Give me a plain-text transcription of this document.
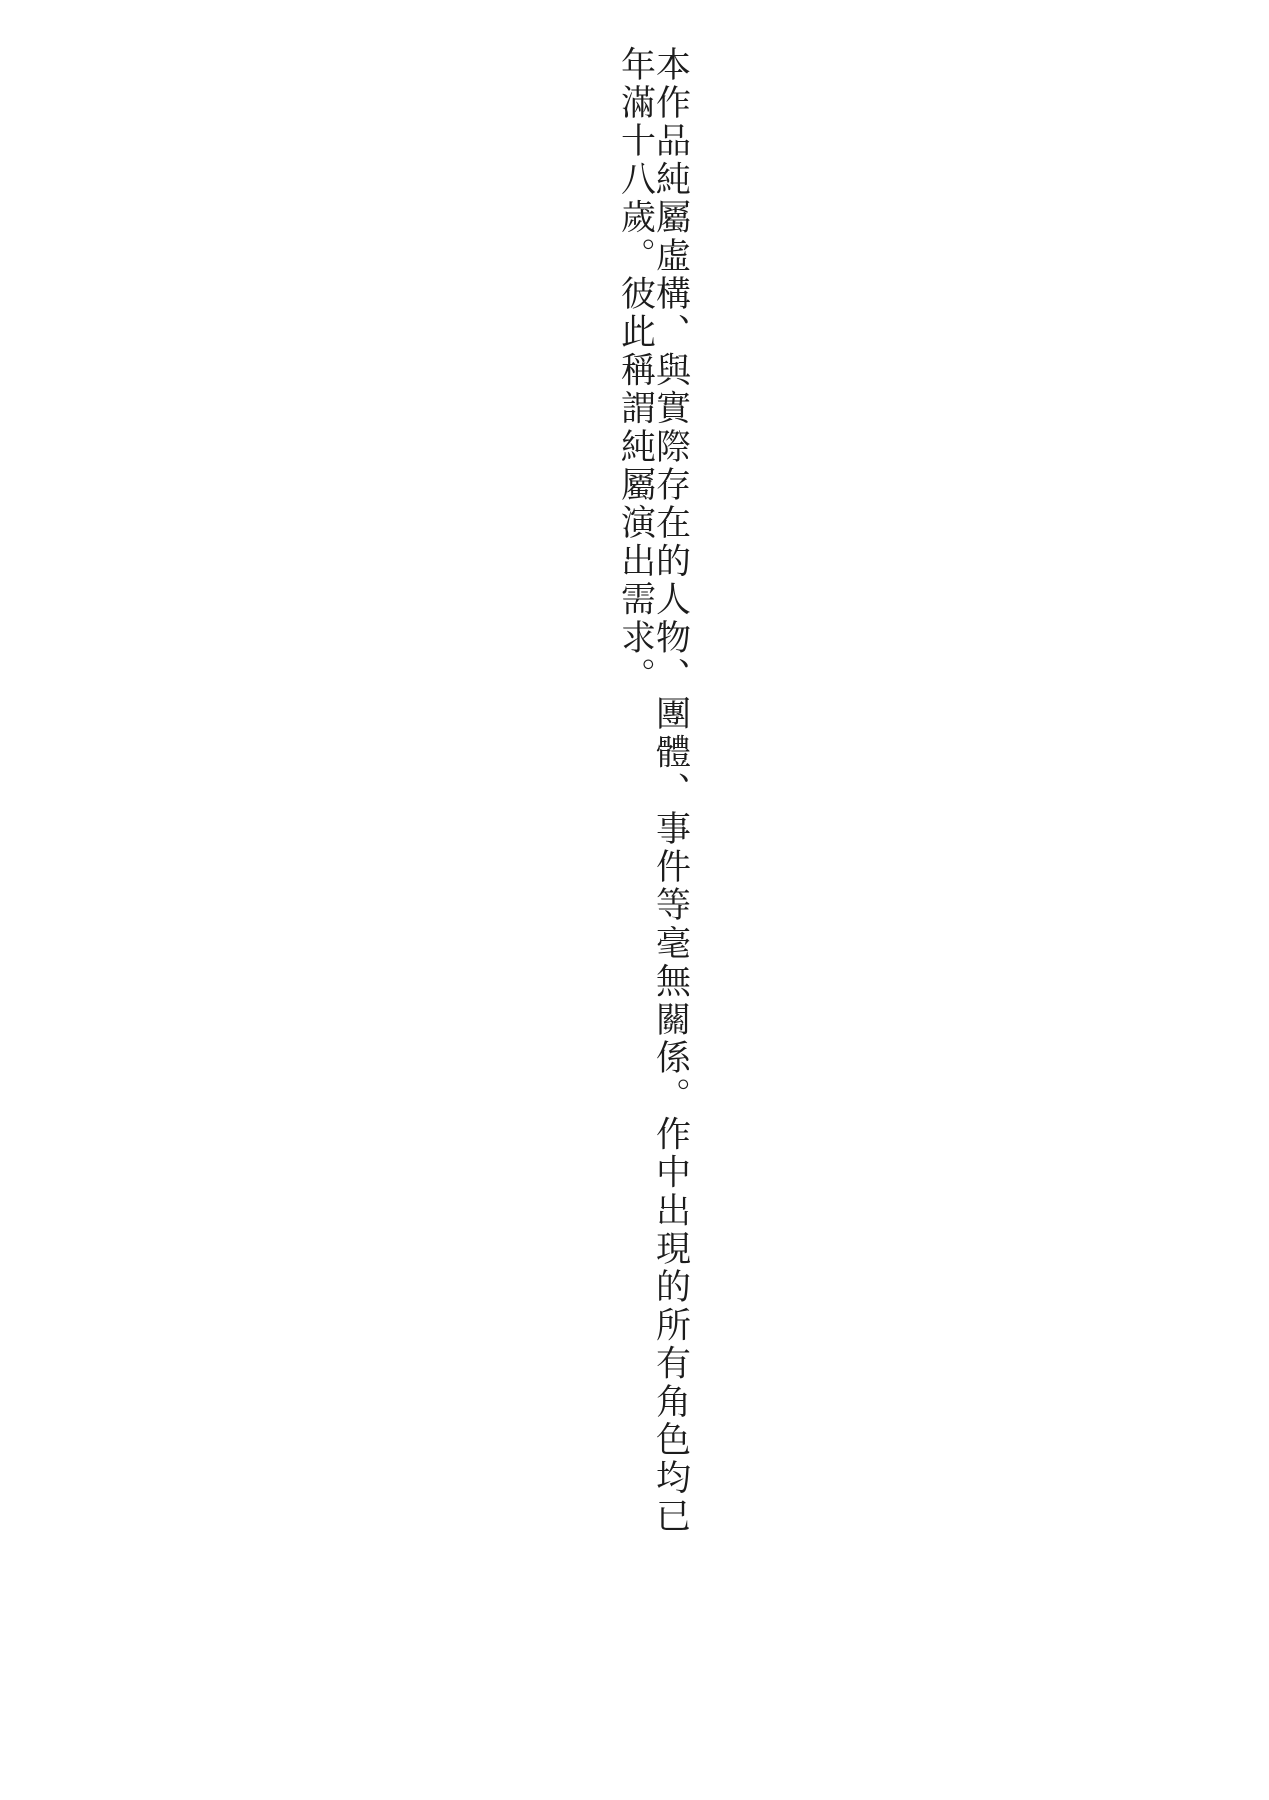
本作品純屬虛構、與實際存在的人物、團體、事件等毫無關係。作中出現的所有角色均已年滿十八歲。彼此稱謂純屬演出需求。
